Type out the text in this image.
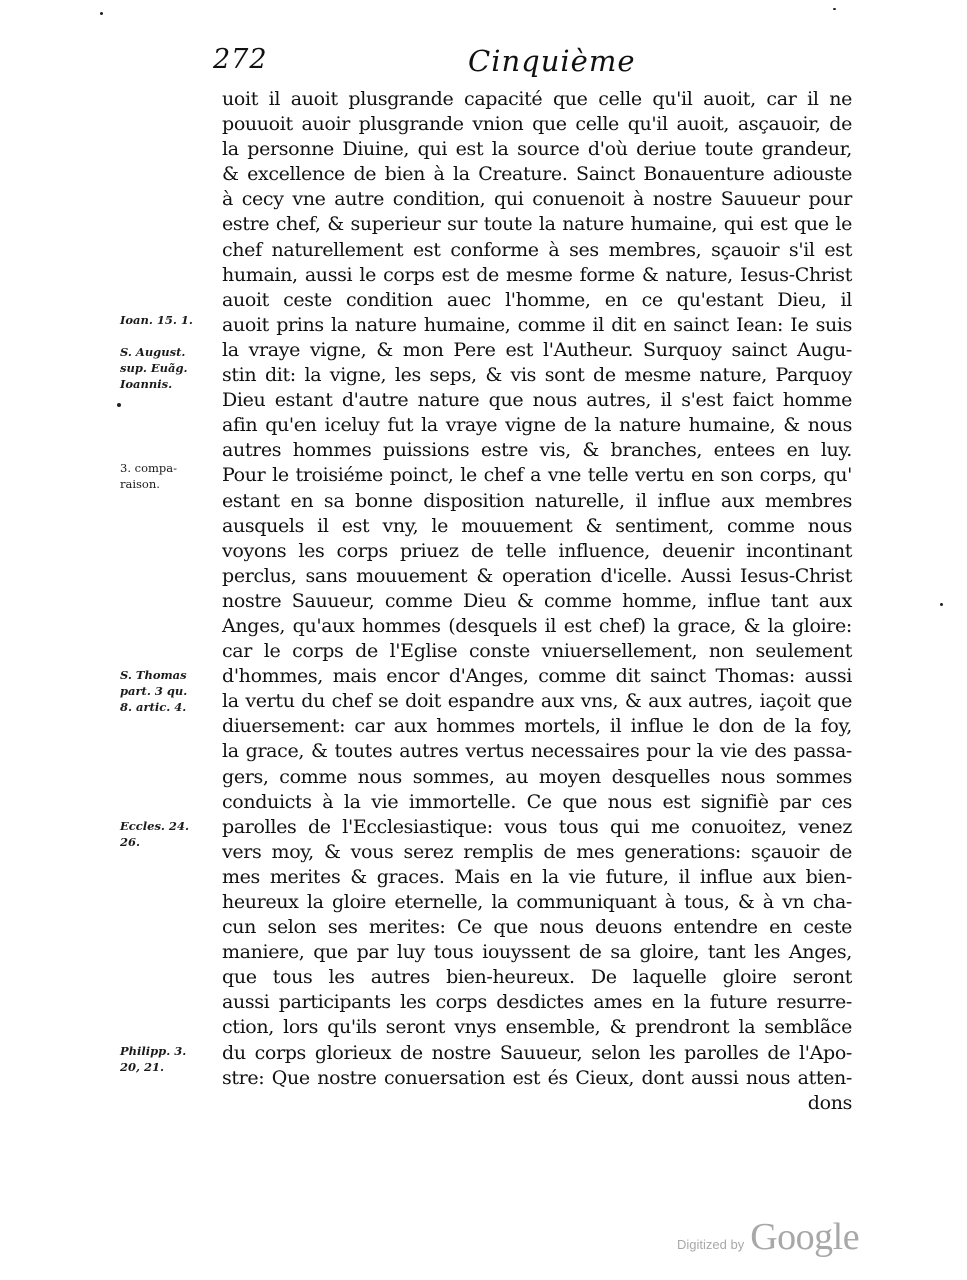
272	Cinquième
uoit il auoit plusgrande capacité que celle qu'il auoit, car il ne
pouuoit auoir plusgrande vnion que celle qu'il auoit, asçauoir, de
la personne Diuine, qui est la source d'où deriue toute grandeur,
& excellence de bien à la Creature. Sainct Bonauenture adiouste
à cecy vne autre condition, qui conuenoit à nostre Sauueur pour
estre chef, & superieur sur toute la nature humaine, qui est que le
chef naturellement est conforme à ses membres, sçauoir s'il est
humain, aussi le corps est de mesme forme & nature, Iesus-Christ
auoit ceste condition auec l'homme, en ce qu'estant Dieu, il
auoit prins la nature humaine, comme il dit en sainct Iean: Ie suis
la vraye vigne, & mon Pere est l'Autheur. Surquoy sainct Augu-
stin dit: la vigne, les seps, & vis sont de mesme nature, Parquoy
Dieu estant d'autre nature que nous autres, il s'est faict homme
afin qu'en iceluy fut la vraye vigne de la nature humaine, & nous
autres hommes puissions estre vis, & branches, entees en luy.
Pour le troisiéme poinct, le chef a vne telle vertu en son corps, qu'
estant en sa bonne disposition naturelle, il influe aux membres
ausquels il est vny, le mouuement & sentiment, comme nous
voyons les corps priuez de telle influence, deuenir incontinant
perclus, sans mouuement & operation d'icelle. Aussi Iesus-Christ
nostre Sauueur, comme Dieu & comme homme, influe tant aux
Anges, qu'aux hommes (desquels il est chef) la grace, & la gloire:
car le corps de l'Eglise conste vniuersellement, non seulement
d'hommes, mais encor d'Anges, comme dit sainct Thomas: aussi
la vertu du chef se doit espandre aux vns, & aux autres, iaçoit que
diuersement: car aux hommes mortels, il influe le don de la foy,
la grace, & toutes autres vertus necessaires pour la vie des passa-
gers, comme nous sommes, au moyen desquelles nous sommes
conduicts à la vie immortelle. Ce que nous est signifiè par ces
parolles de l'Ecclesiastique: vous tous qui me conuoitez, venez
vers moy, & vous serez remplis de mes generations: sçauoir de
mes merites & graces. Mais en la vie future, il influe aux bien-
heureux la gloire eternelle, la communiquant à tous, & à vn cha-
cun selon ses merites: Ce que nous deuons entendre en ceste
maniere, que par luy tous iouyssent de sa gloire, tant les Anges,
que tous les autres bien-heureux. De laquelle gloire seront
aussi participants les corps desdictes ames en la future resurre-
ction, lors qu'ils seront vnys ensemble, & prendront la semblãce
du corps glorieux de nostre Sauueur, selon les parolles de l'Apo-
stre: Que nostre conuersation est és Cieux, dont aussi nous atten-
dons
Ioan. 15. 1.
S. August.
sup. Euãg.
Ioannis.
3. compa-
raison.
S. Thomas
part. 3 qu.
8. artic. 4.
Eccles. 24.
26.
Philipp. 3.
20, 21.
Digitized by Google
